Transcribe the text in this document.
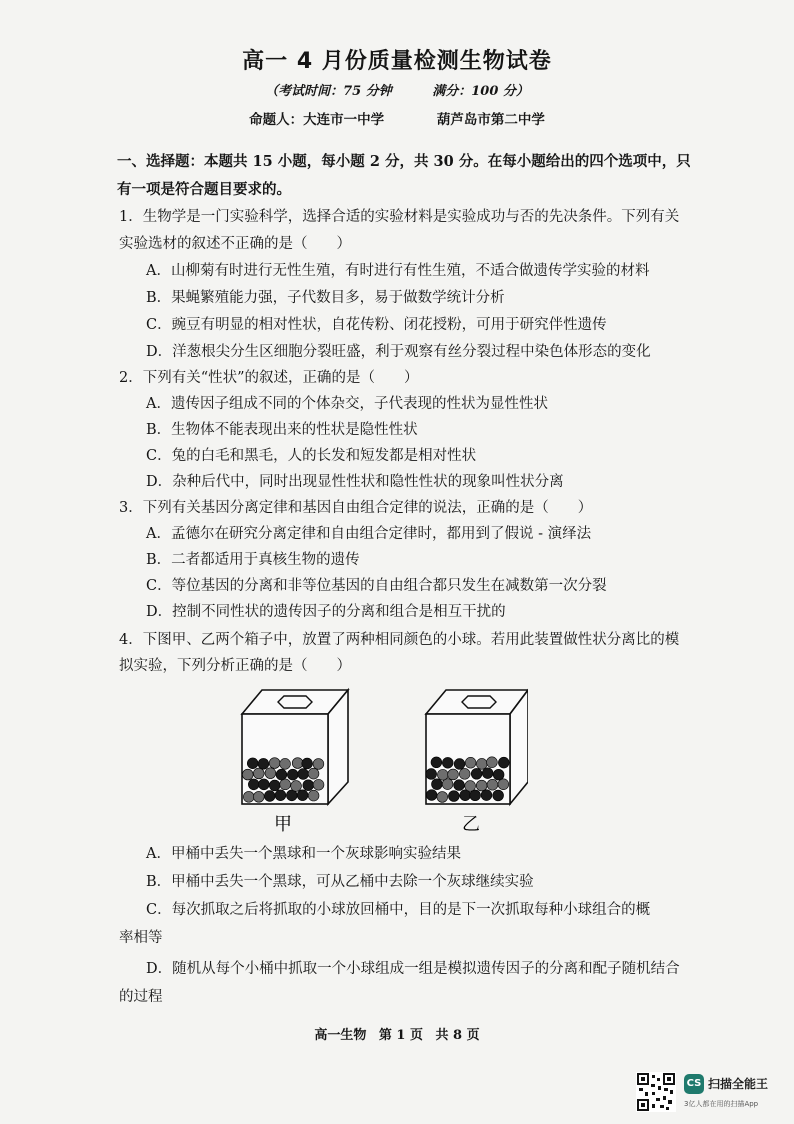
高一 4 月份质量检测生物试卷
（考试时间：75 分钟	满分：100 分）
命题人：大连市一中学	葫芦岛市第二中学
一、选择题：本题共 15 小题，每小题 2 分，共 30 分。在每小题给出的四个选项中，只
有一项是符合题目要求的。
1．生物学是一门实验科学，选择合适的实验材料是实验成功与否的先决条件。下列有关
实验选材的叙述不正确的是（　　）
A．山柳菊有时进行无性生殖，有时进行有性生殖，不适合做遗传学实验的材料
B．果蝇繁殖能力强，子代数目多，易于做数学统计分析
C．豌豆有明显的相对性状，自花传粉、闭花授粉，可用于研究伴性遗传
D．洋葱根尖分生区细胞分裂旺盛，利于观察有丝分裂过程中染色体形态的变化
2．下列有关“性状”的叙述，正确的是（　　）
A．遗传因子组成不同的个体杂交，子代表现的性状为显性性状
B．生物体不能表现出来的性状是隐性性状
C．兔的白毛和黑毛，人的长发和短发都是相对性状
D．杂种后代中，同时出现显性性状和隐性性状的现象叫性状分离
3．下列有关基因分离定律和基因自由组合定律的说法，正确的是（　　）
A．孟德尔在研究分离定律和自由组合定律时，都用到了假说 - 演绎法
B．二者都适用于真核生物的遗传
C．等位基因的分离和非等位基因的自由组合都只发生在减数第一次分裂
D．控制不同性状的遗传因子的分离和组合是相互干扰的
4．下图甲、乙两个箱子中，放置了两种相同颜色的小球。若用此装置做性状分离比的模
拟实验，下列分析正确的是（　　）
甲	乙
A．甲桶中丢失一个黑球和一个灰球影响实验结果
B．甲桶中丢失一个黑球，可从乙桶中去除一个灰球继续实验
C．每次抓取之后将抓取的小球放回桶中，目的是下一次抓取每种小球组合的概
率相等
D．随机从每个小桶中抓取一个小球组成一组是模拟遗传因子的分离和配子随机结合
的过程
高一生物 第 1 页 共 8 页
CS 扫描全能王
3亿人都在用的扫描App
